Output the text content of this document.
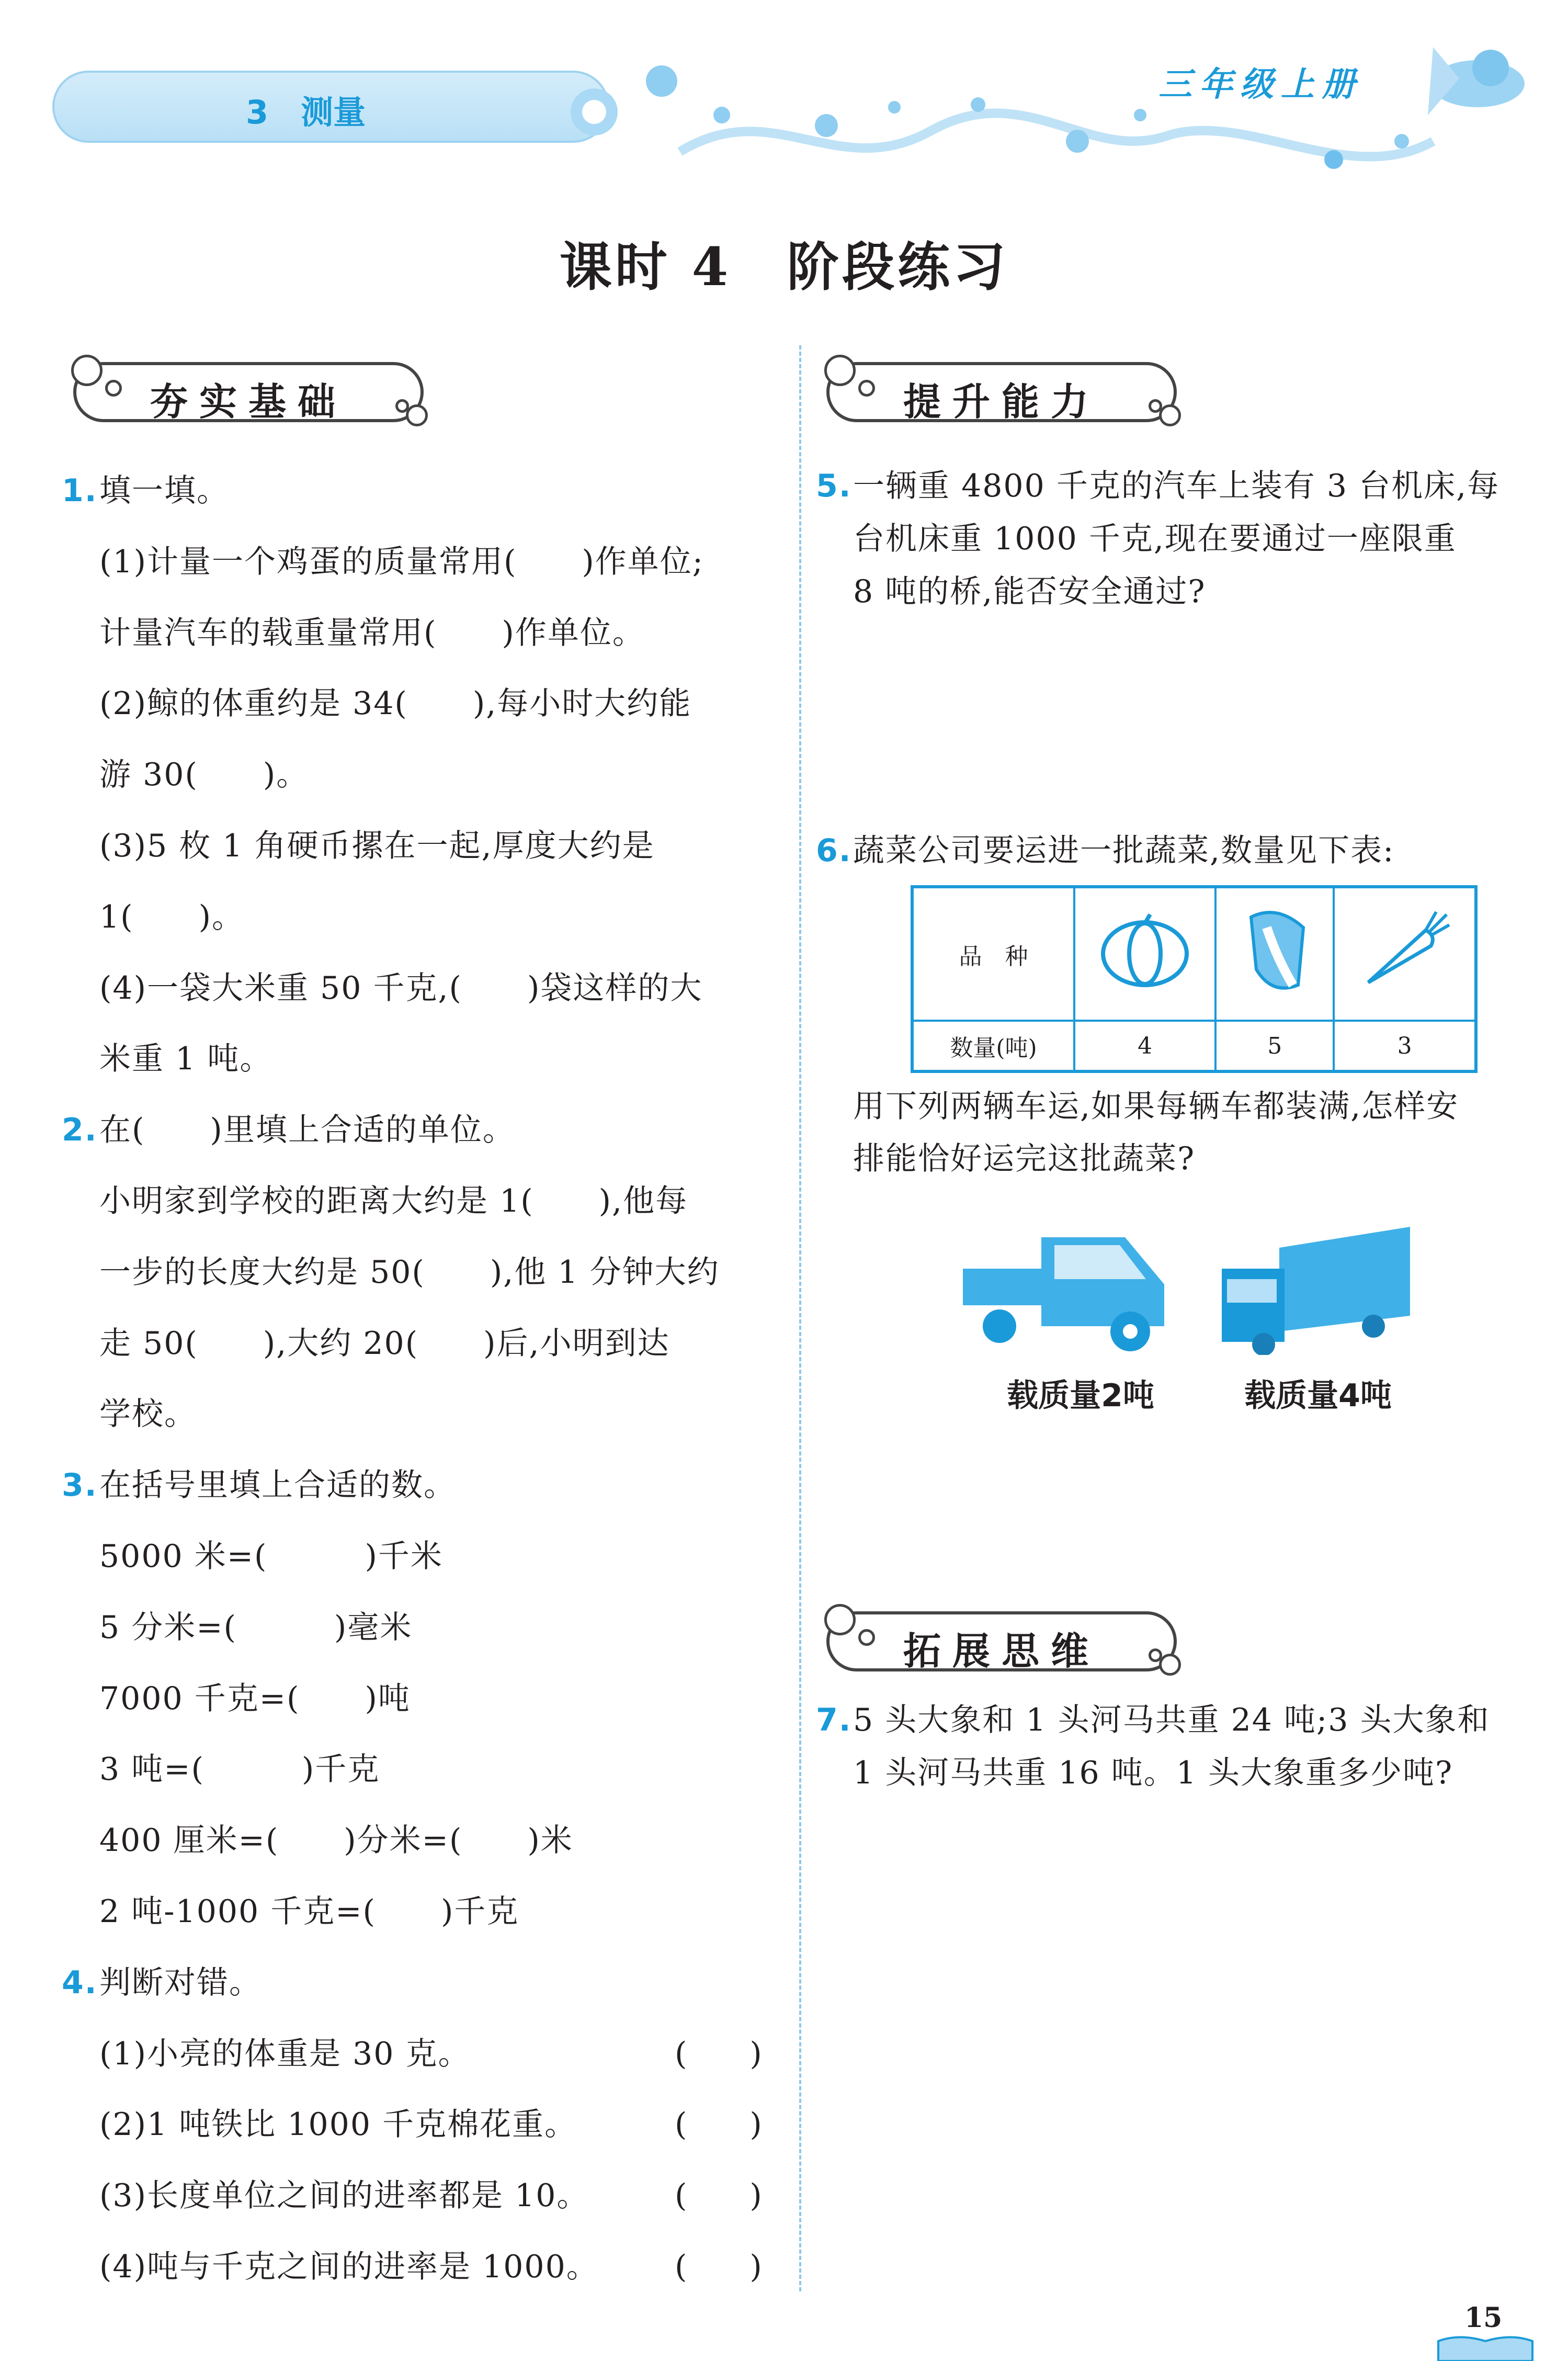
3　测量
三年级上册
课时 4　阶段练习
夯实基础	提升能力
拓展思维
1. 填一填。
(1)计量一个鸡蛋的质量常用(　　)作单位;
计量汽车的载重量常用(　　)作单位。
(2)鲸的体重约是 34(　　),每小时大约能
游 30(　　)。
(3)5 枚 1 角硬币摞在一起,厚度大约是
1(　　)。
(4)一袋大米重 50 千克,(　　)袋这样的大
米重 1 吨。
2. 在(　　)里填上合适的单位。
小明家到学校的距离大约是 1(　　),他每
一步的长度大约是 50(　　),他 1 分钟大约
走 50(　　),大约 20(　　)后,小明到达
学校。
3. 在括号里填上合适的数。
5000 米=(　　　)千米
5 分米=(　　　)毫米
7000 千克=(　　)吨
3 吨=(　　　)千克
400 厘米=(　　)分米=(　　)米
2 吨-1000 千克=(　　)千克
4. 判断对错。
(1)小亮的体重是 30 克。	(　　)
(2)1 吨铁比 1000 千克棉花重。	(　　)
(3)长度单位之间的进率都是 10。	(　　)
(4)吨与千克之间的进率是 1000。 (　　)
5. 一辆重 4800 千克的汽车上装有 3 台机床,每
台机床重 1000 千克,现在要通过一座限重
8 吨的桥,能否安全通过?
6. 蔬菜公司要运进一批蔬菜,数量见下表:
品　种			
数量(吨)	4	5	3
用下列两辆车运,如果每辆车都装满,怎样安
排能恰好运完这批蔬菜?
载质量2吨	载质量4吨
7. 5 头大象和 1 头河马共重 24 吨;3 头大象和
1 头河马共重 16 吨。1 头大象重多少吨?
15
